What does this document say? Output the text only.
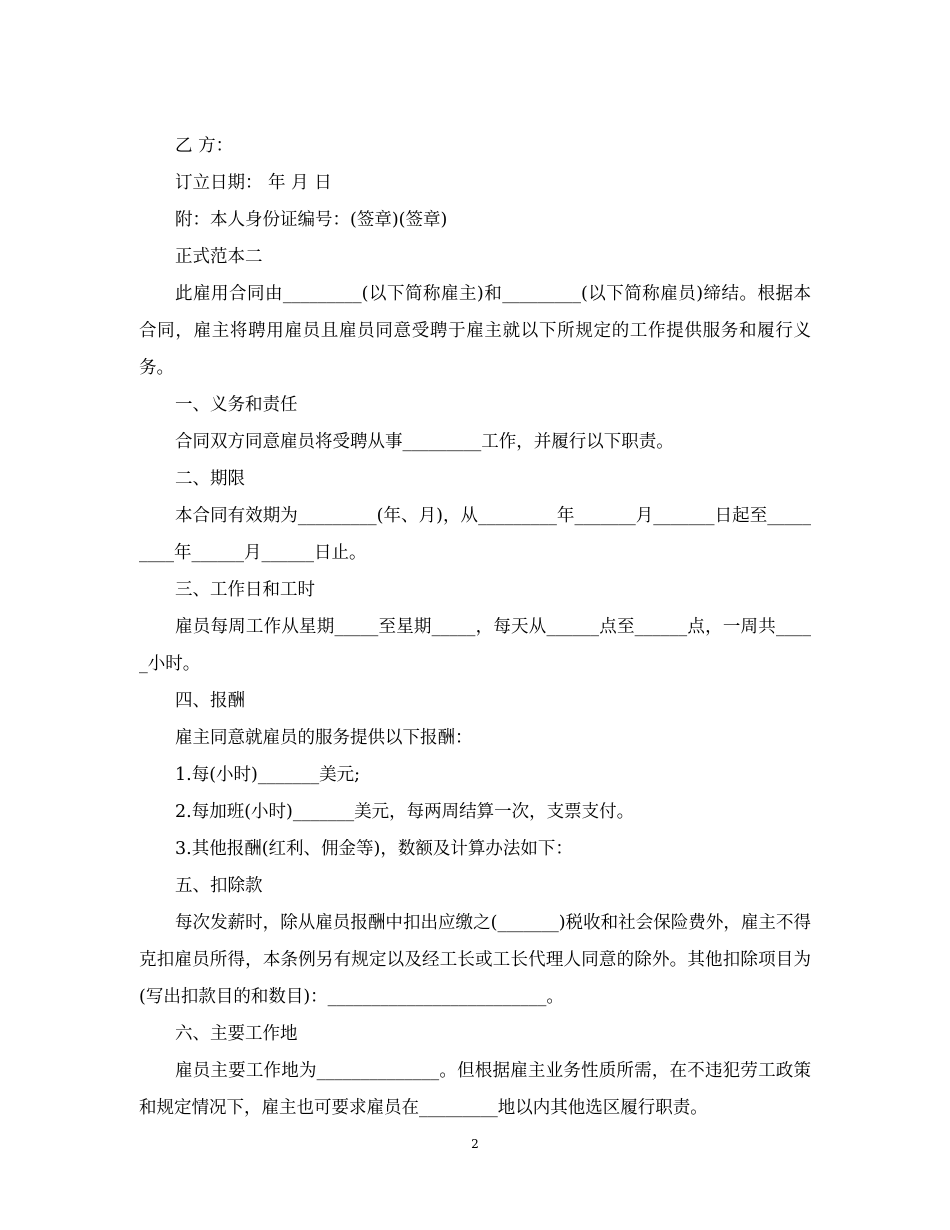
乙 方：

订立日期： 年 月 日

附：本人身份证编号：(签章)(签章)

正式范本二

此雇用合同由_________(以下简称雇主)和_________(以下简称雇员)缔结。根据本合同，雇主将聘用雇员且雇员同意受聘于雇主就以下所规定的工作提供服务和履行义务。

一、义务和责任

合同双方同意雇员将受聘从事_________工作，并履行以下职责。

二、期限

本合同有效期为_________(年、月)，从_________年_______月_______日起至_________年______月______日止。

三、工作日和工时

雇员每周工作从星期_____至星期_____，每天从______点至______点，一周共_____小时。

四、报酬

雇主同意就雇员的服务提供以下报酬：

1.每(小时)_______美元;

2.每加班(小时)_______美元，每两周结算一次，支票支付。

3.其他报酬(红利、佣金等)，数额及计算办法如下：

五、扣除款

每次发薪时，除从雇员报酬中扣出应缴之(_______)税收和社会保险费外，雇主不得克扣雇员所得，本条例另有规定以及经工长或工长代理人同意的除外。其他扣除项目为(写出扣款目的和数目)：_________________________。

六、主要工作地

雇员主要工作地为______________。但根据雇主业务性质所需，在不违犯劳工政策和规定情况下，雇主也可要求雇员在_________地以内其他选区履行职责。

2
